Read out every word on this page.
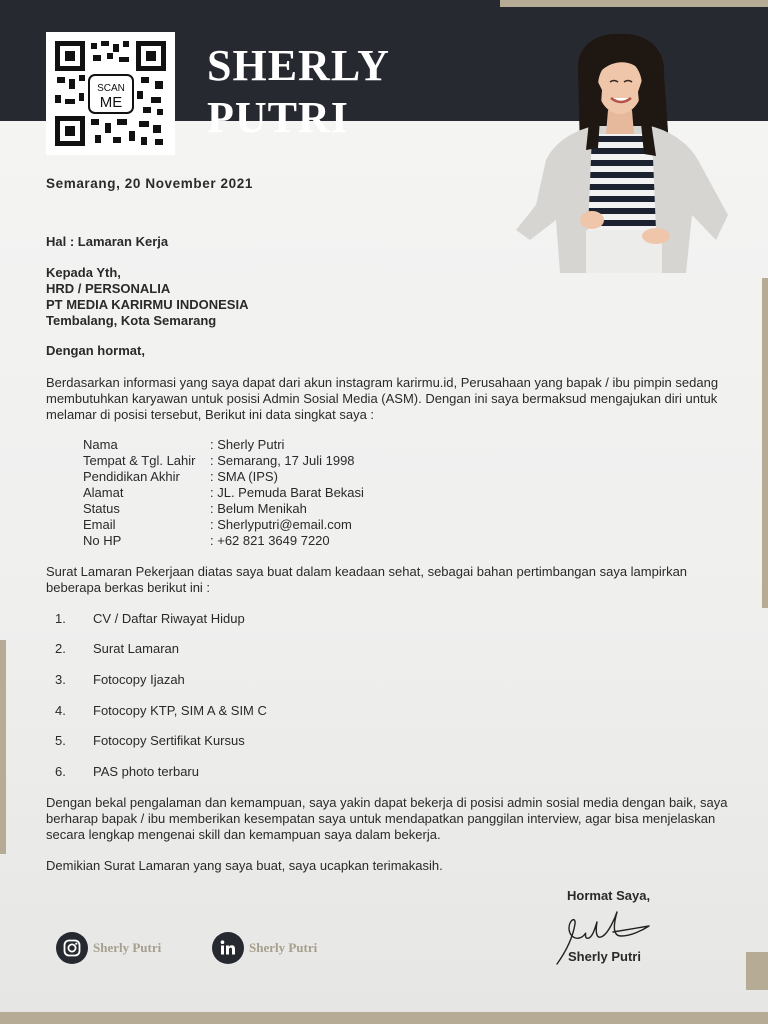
SCAN
ME
SHERLY
PUTRI
Semarang, 20 November 2021
Hal : Lamaran Kerja
Kepada Yth,
HRD / PERSONALIA
PT MEDIA KARIRMU INDONESIA
Tembalang, Kota Semarang
Dengan hormat,
Berdasarkan informasi yang saya dapat dari akun instagram karirmu.id, Perusahaan yang bapak / ibu pimpin sedang
membutuhkan karyawan untuk posisi Admin Sosial Media (ASM). Dengan ini saya bermaksud mengajukan diri untuk
melamar di posisi tersebut, Berikut ini data singkat saya :
Nama	: Sherly Putri
Tempat & Tgl. Lahir : Semarang, 17 Juli 1998
Pendidikan Akhir : SMA (IPS)
Alamat	: JL. Pemuda Barat Bekasi
Status	: Belum Menikah
Email	: Sherlyputri@email.com
No HP	: +62 821 3649 7220
Surat Lamaran Pekerjaan diatas saya buat dalam keadaan sehat, sebagai bahan pertimbangan saya lampirkan
beberapa berkas berikut ini :
1. CV / Daftar Riwayat Hidup
2. Surat Lamaran
3. Fotocopy Ijazah
4. Fotocopy KTP, SIM A & SIM C
5. Fotocopy Sertifikat Kursus
6. PAS photo terbaru
Dengan bekal pengalaman dan kemampuan, saya yakin dapat bekerja di posisi admin sosial media dengan baik, saya
berharap bapak / ibu memberikan kesempatan saya untuk mendapatkan panggilan interview, agar bisa menjelaskan
secara lengkap mengenai skill dan kemampuan saya dalam bekerja.
Demikian Surat Lamaran yang saya buat, saya ucapkan terimakasih.
Hormat Saya,
Sherly Putri
Sherly Putri	Sherly Putri
